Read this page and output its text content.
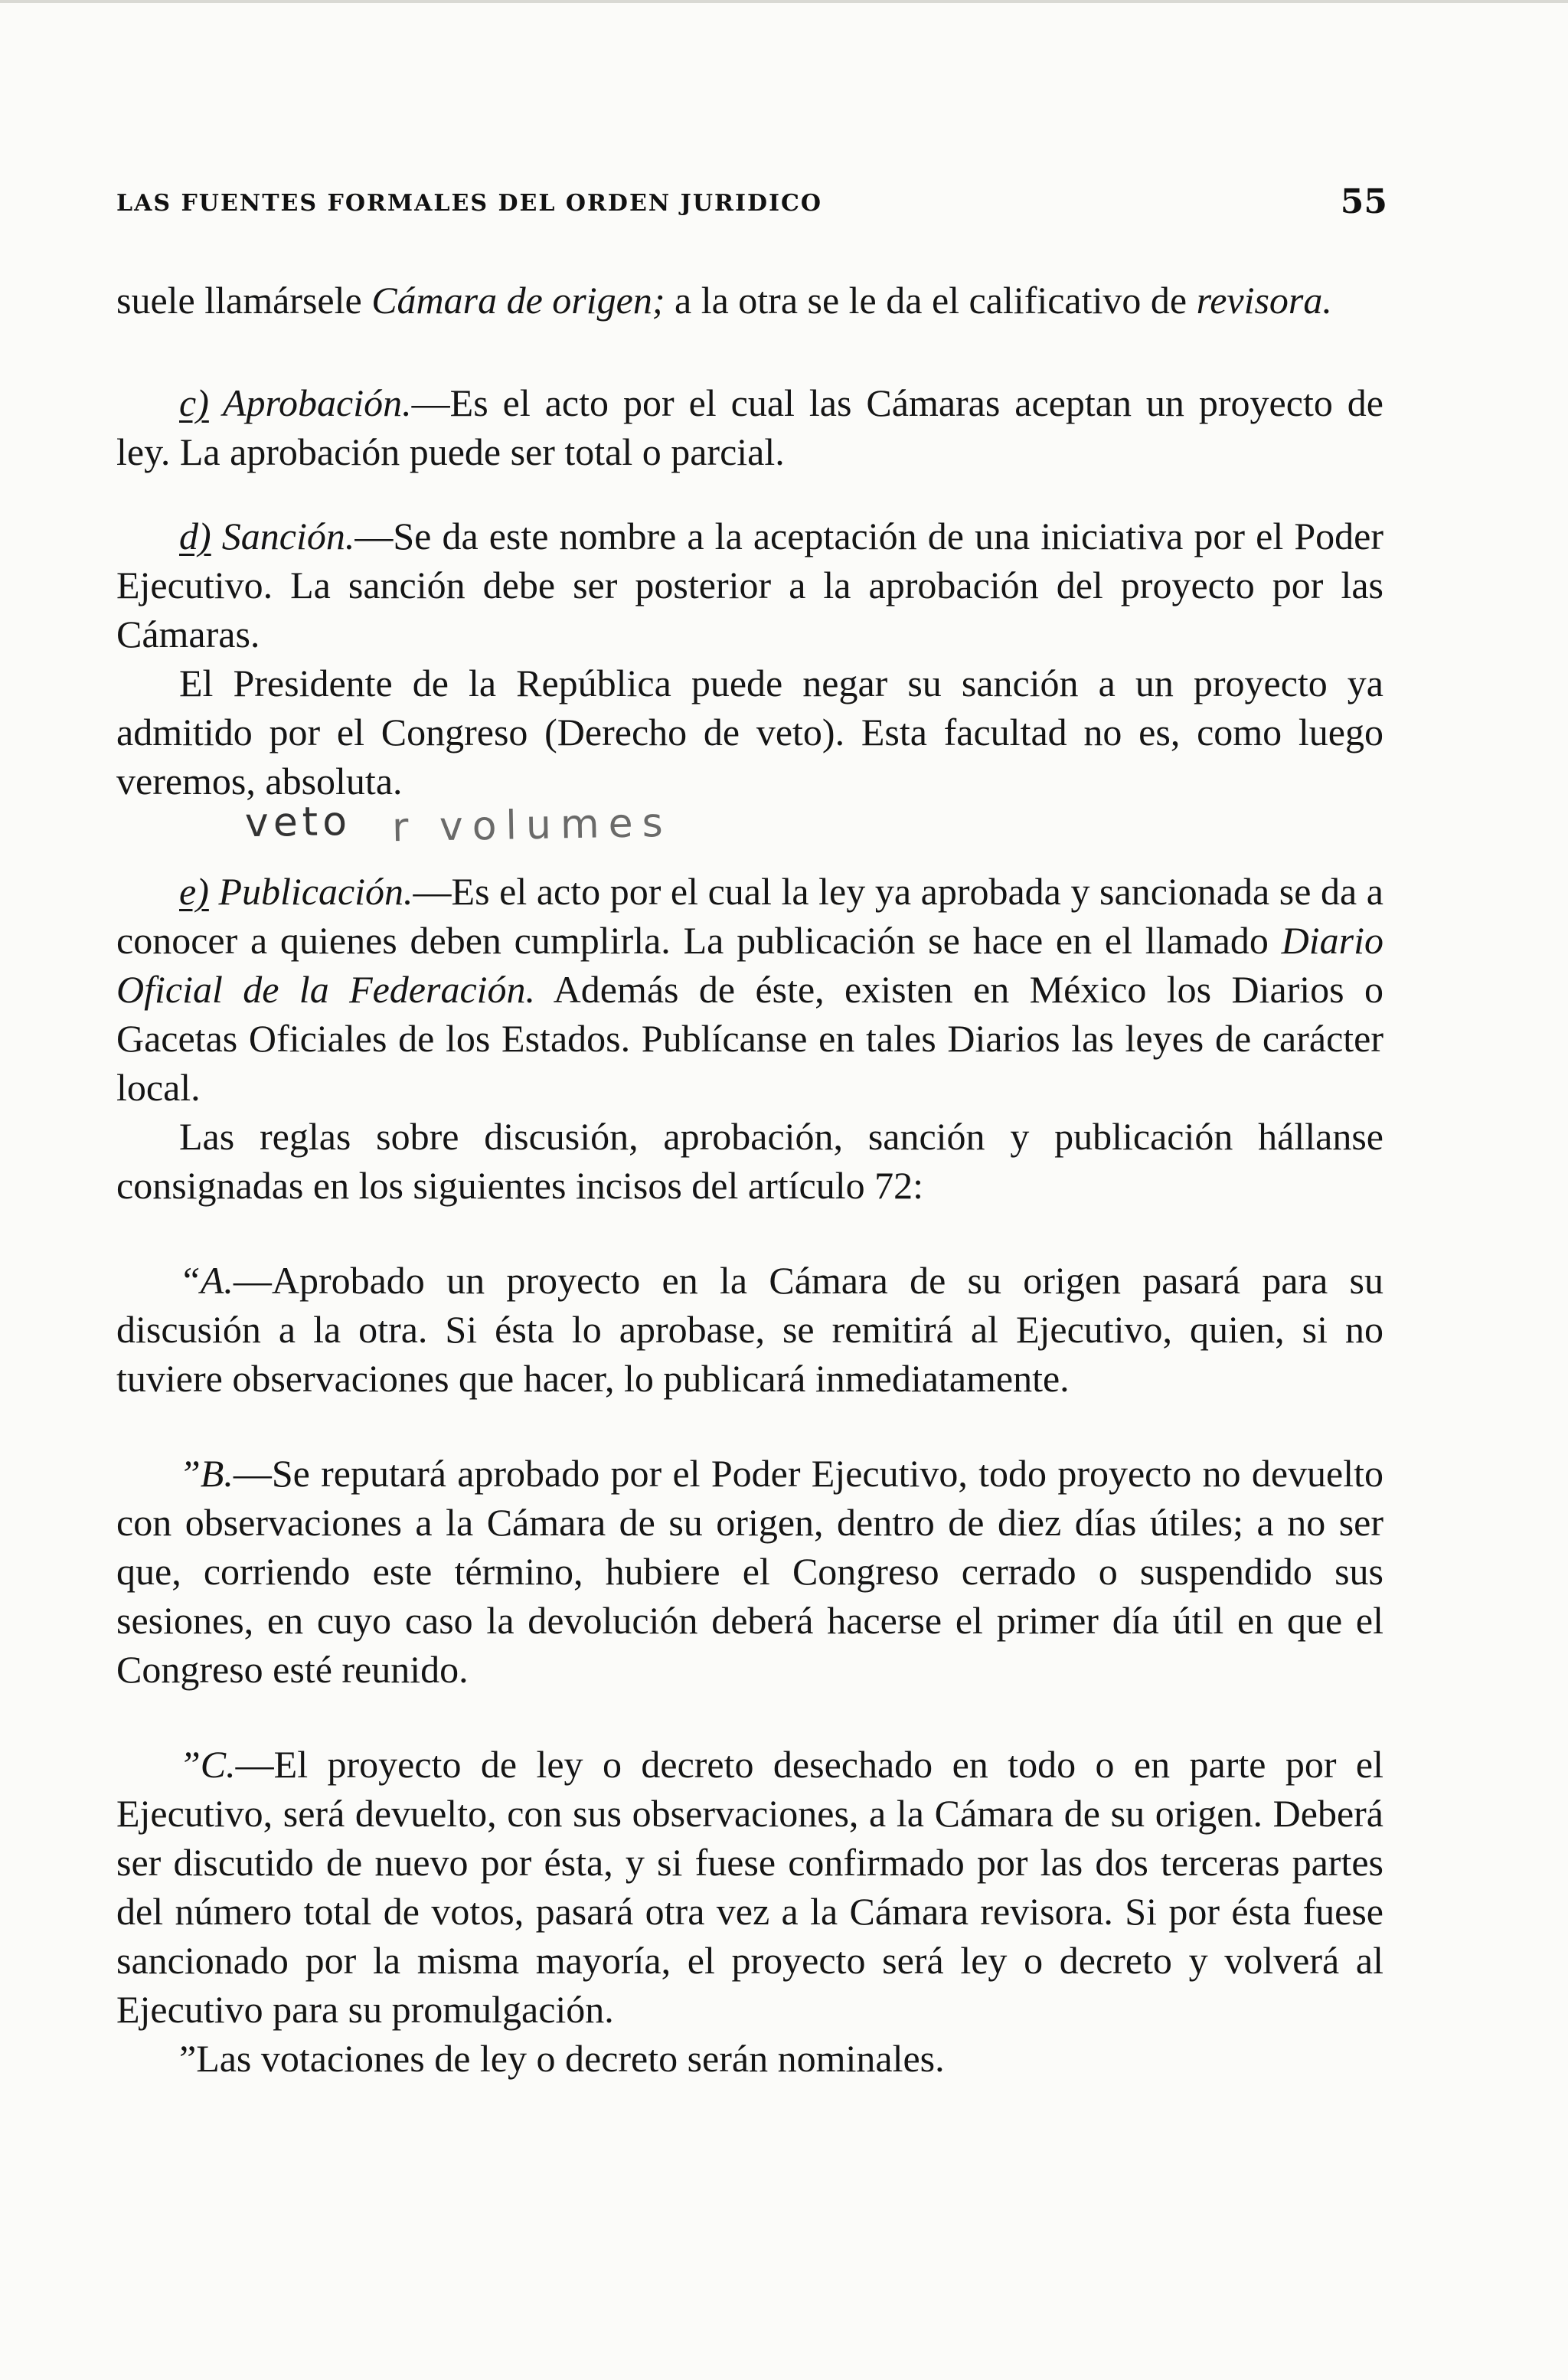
LAS FUENTES FORMALES DEL ORDEN JURIDICO	55

suele llamársele Cámara de origen; a la otra se le da el calificativo de revisora.

c) Aprobación.—Es el acto por el cual las Cámaras aceptan un proyecto de ley. La aprobación puede ser total o parcial.

d) Sanción.—Se da este nombre a la aceptación de una iniciativa por el Poder Ejecutivo. La sanción debe ser posterior a la aprobación del proyecto por las Cámaras.

El Presidente de la República puede negar su sanción a un proyecto ya admitido por el Congreso (Derecho de veto). Esta facultad no es, como luego veremos, absoluta.

veto r volumes

e) Publicación.—Es el acto por el cual la ley ya aprobada y sancionada se da a conocer a quienes deben cumplirla. La publicación se hace en el llamado Diario Oficial de la Federación. Además de éste, existen en México los Diarios o Gacetas Oficiales de los Estados. Publícanse en tales Diarios las leyes de carácter local.

Las reglas sobre discusión, aprobación, sanción y publicación hállanse consignadas en los siguientes incisos del artículo 72:

“A.—Aprobado un proyecto en la Cámara de su origen pasará para su discusión a la otra. Si ésta lo aprobase, se remitirá al Ejecutivo, quien, si no tuviere observaciones que hacer, lo publicará inmediatamente.

”B.—Se reputará aprobado por el Poder Ejecutivo, todo proyecto no devuelto con observaciones a la Cámara de su origen, dentro de diez días útiles; a no ser que, corriendo este término, hubiere el Congreso cerrado o suspendido sus sesiones, en cuyo caso la devolución deberá hacerse el primer día útil en que el Congreso esté reunido.

”C.—El proyecto de ley o decreto desechado en todo o en parte por el Ejecutivo, será devuelto, con sus observaciones, a la Cámara de su origen. Deberá ser discutido de nuevo por ésta, y si fuese confirmado por las dos terceras partes del número total de votos, pasará otra vez a la Cámara revisora. Si por ésta fuese sancionado por la misma mayoría, el proyecto será ley o decreto y volverá al Ejecutivo para su promulgación.

”Las votaciones de ley o decreto serán nominales.
